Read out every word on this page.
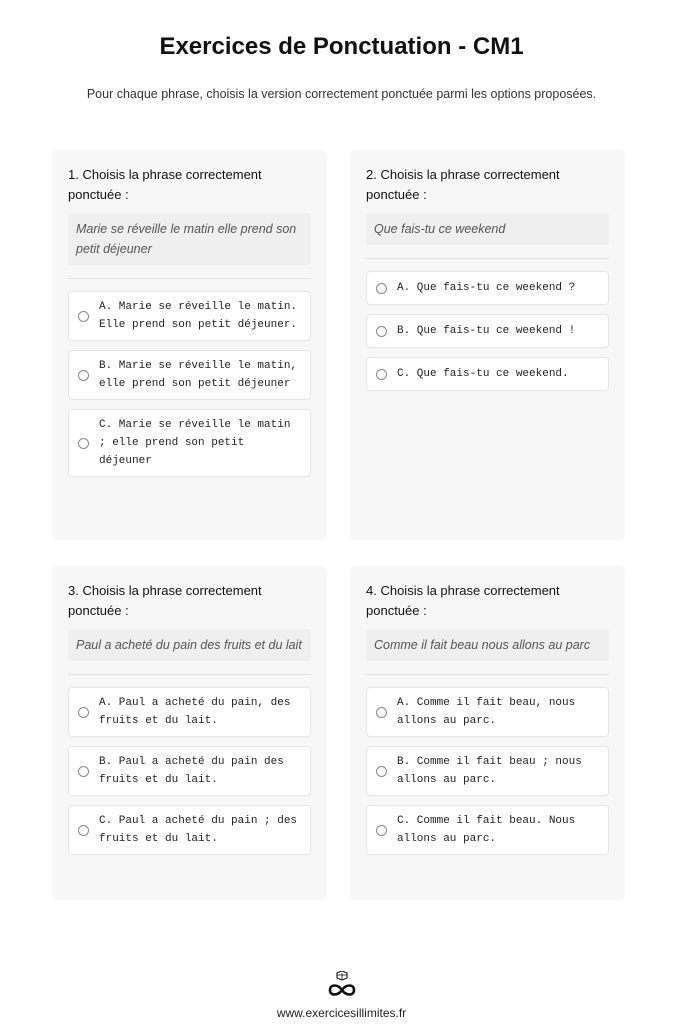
Exercices de Ponctuation - CM1
Pour chaque phrase, choisis la version correctement ponctuée parmi les options proposées.
1. Choisis la phrase correctement ponctuée :
Marie se réveille le matin elle prend son petit déjeuner
A. Marie se réveille le matin. Elle prend son petit déjeuner.
B. Marie se réveille le matin, elle prend son petit déjeuner
C. Marie se réveille le matin ; elle prend son petit déjeuner
2. Choisis la phrase correctement ponctuée :
Que fais-tu ce weekend
A. Que fais-tu ce weekend ?
B. Que fais-tu ce weekend !
C. Que fais-tu ce weekend.
3. Choisis la phrase correctement ponctuée :
Paul a acheté du pain des fruits et du lait
A. Paul a acheté du pain, des fruits et du lait.
B. Paul a acheté du pain des fruits et du lait.
C. Paul a acheté du pain ; des fruits et du lait.
4. Choisis la phrase correctement ponctuée :
Comme il fait beau nous allons au parc
A. Comme il fait beau, nous allons au parc.
B. Comme il fait beau ; nous allons au parc.
C. Comme il fait beau. Nous allons au parc.
www.exercicesillimites.fr
